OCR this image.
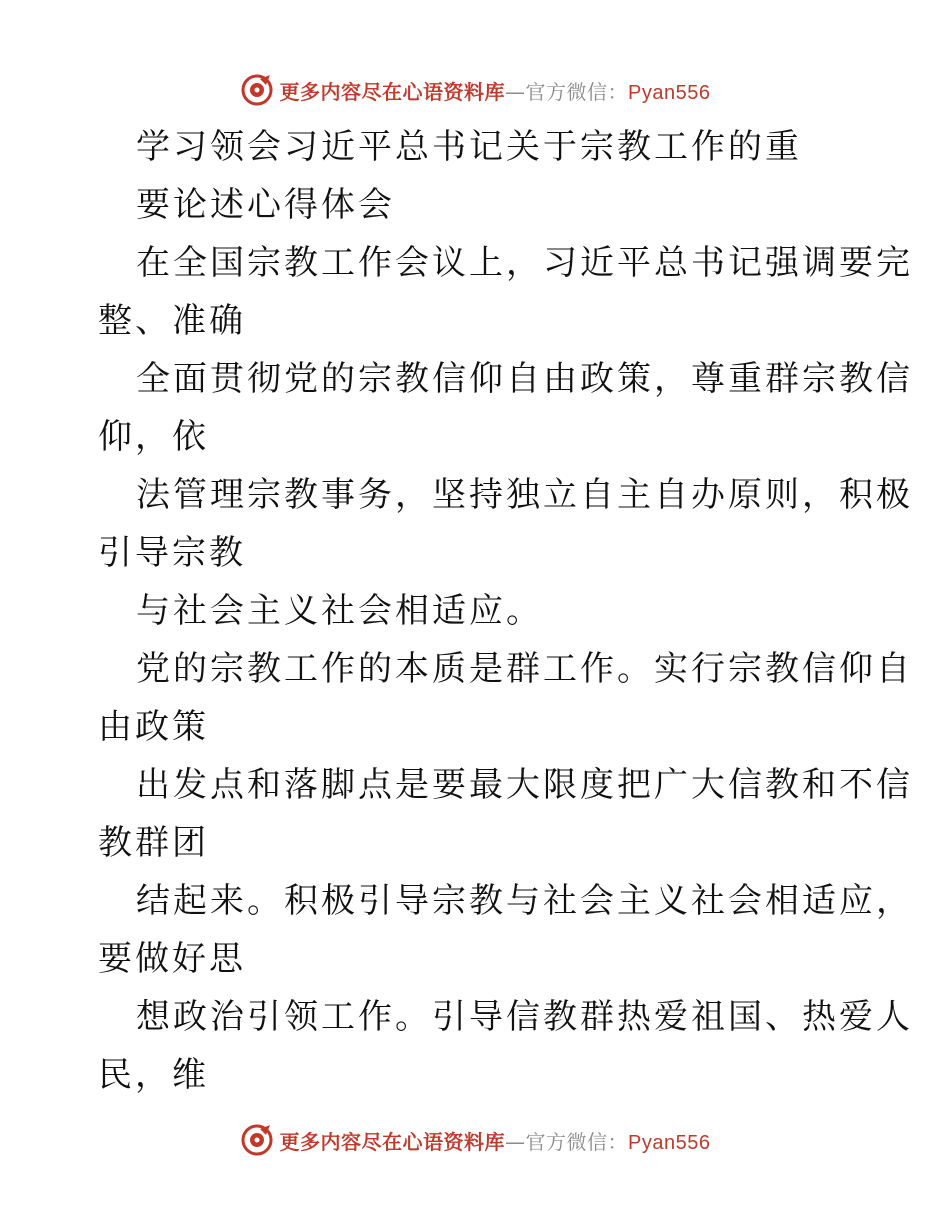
更多内容尽在心语资料库—官方微信：Pyan556
学习领会习近平总书记关于宗教工作的重
要论述心得体会
在全国宗教工作会议上，习近平总书记强调要完
整、准确
全面贯彻党的宗教信仰自由政策，尊重群宗教信
仰，依
法管理宗教事务，坚持独立自主自办原则，积极
引导宗教
与社会主义社会相适应。
党的宗教工作的本质是群工作。实行宗教信仰自
由政策
出发点和落脚点是要最大限度把广大信教和不信
教群团
结起来。积极引导宗教与社会主义社会相适应，
要做好思
想政治引领工作。引导信教群热爱祖国、热爱人
民，维
更多内容尽在心语资料库—官方微信：Pyan556
